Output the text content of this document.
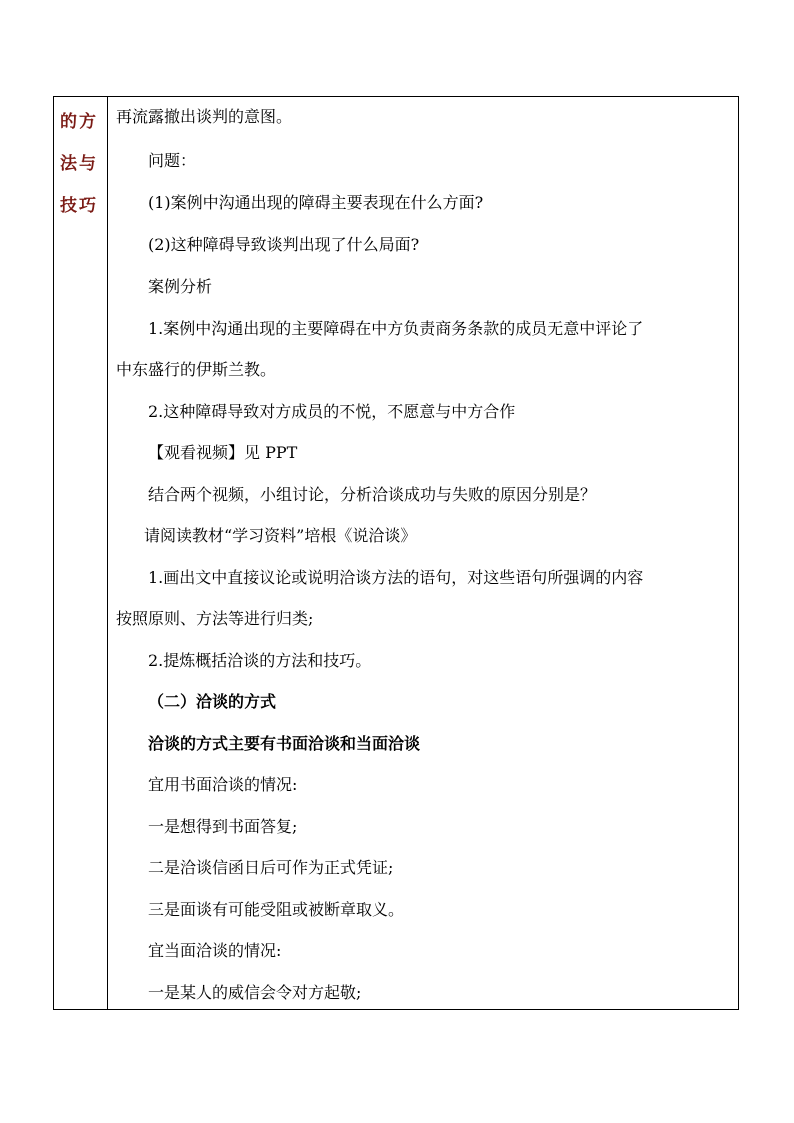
的方
法与
技巧
再流露撤出谈判的意图。
问题：
(1)案例中沟通出现的障碍主要表现在什么方面?
(2)这种障碍导致谈判出现了什么局面?
案例分析
1.案例中沟通出现的主要障碍在中方负责商务条款的成员无意中评论了
中东盛行的伊斯兰教。
2.这种障碍导致对方成员的不悦，不愿意与中方合作
【观看视频】见 PPT
结合两个视频，小组讨论，分析洽谈成功与失败的原因分别是？
请阅读教材“学习资料”培根《说洽谈》
1.画出文中直接议论或说明洽谈方法的语句，对这些语句所强调的内容
按照原则、方法等进行归类;
2.提炼概括洽谈的方法和技巧。
（二）洽谈的方式
洽谈的方式主要有书面洽谈和当面洽谈
宜用书面洽谈的情况:
一是想得到书面答复;
二是洽谈信函日后可作为正式凭证;
三是面谈有可能受阻或被断章取义。
宜当面洽谈的情况:
一是某人的威信会令对方起敬;
